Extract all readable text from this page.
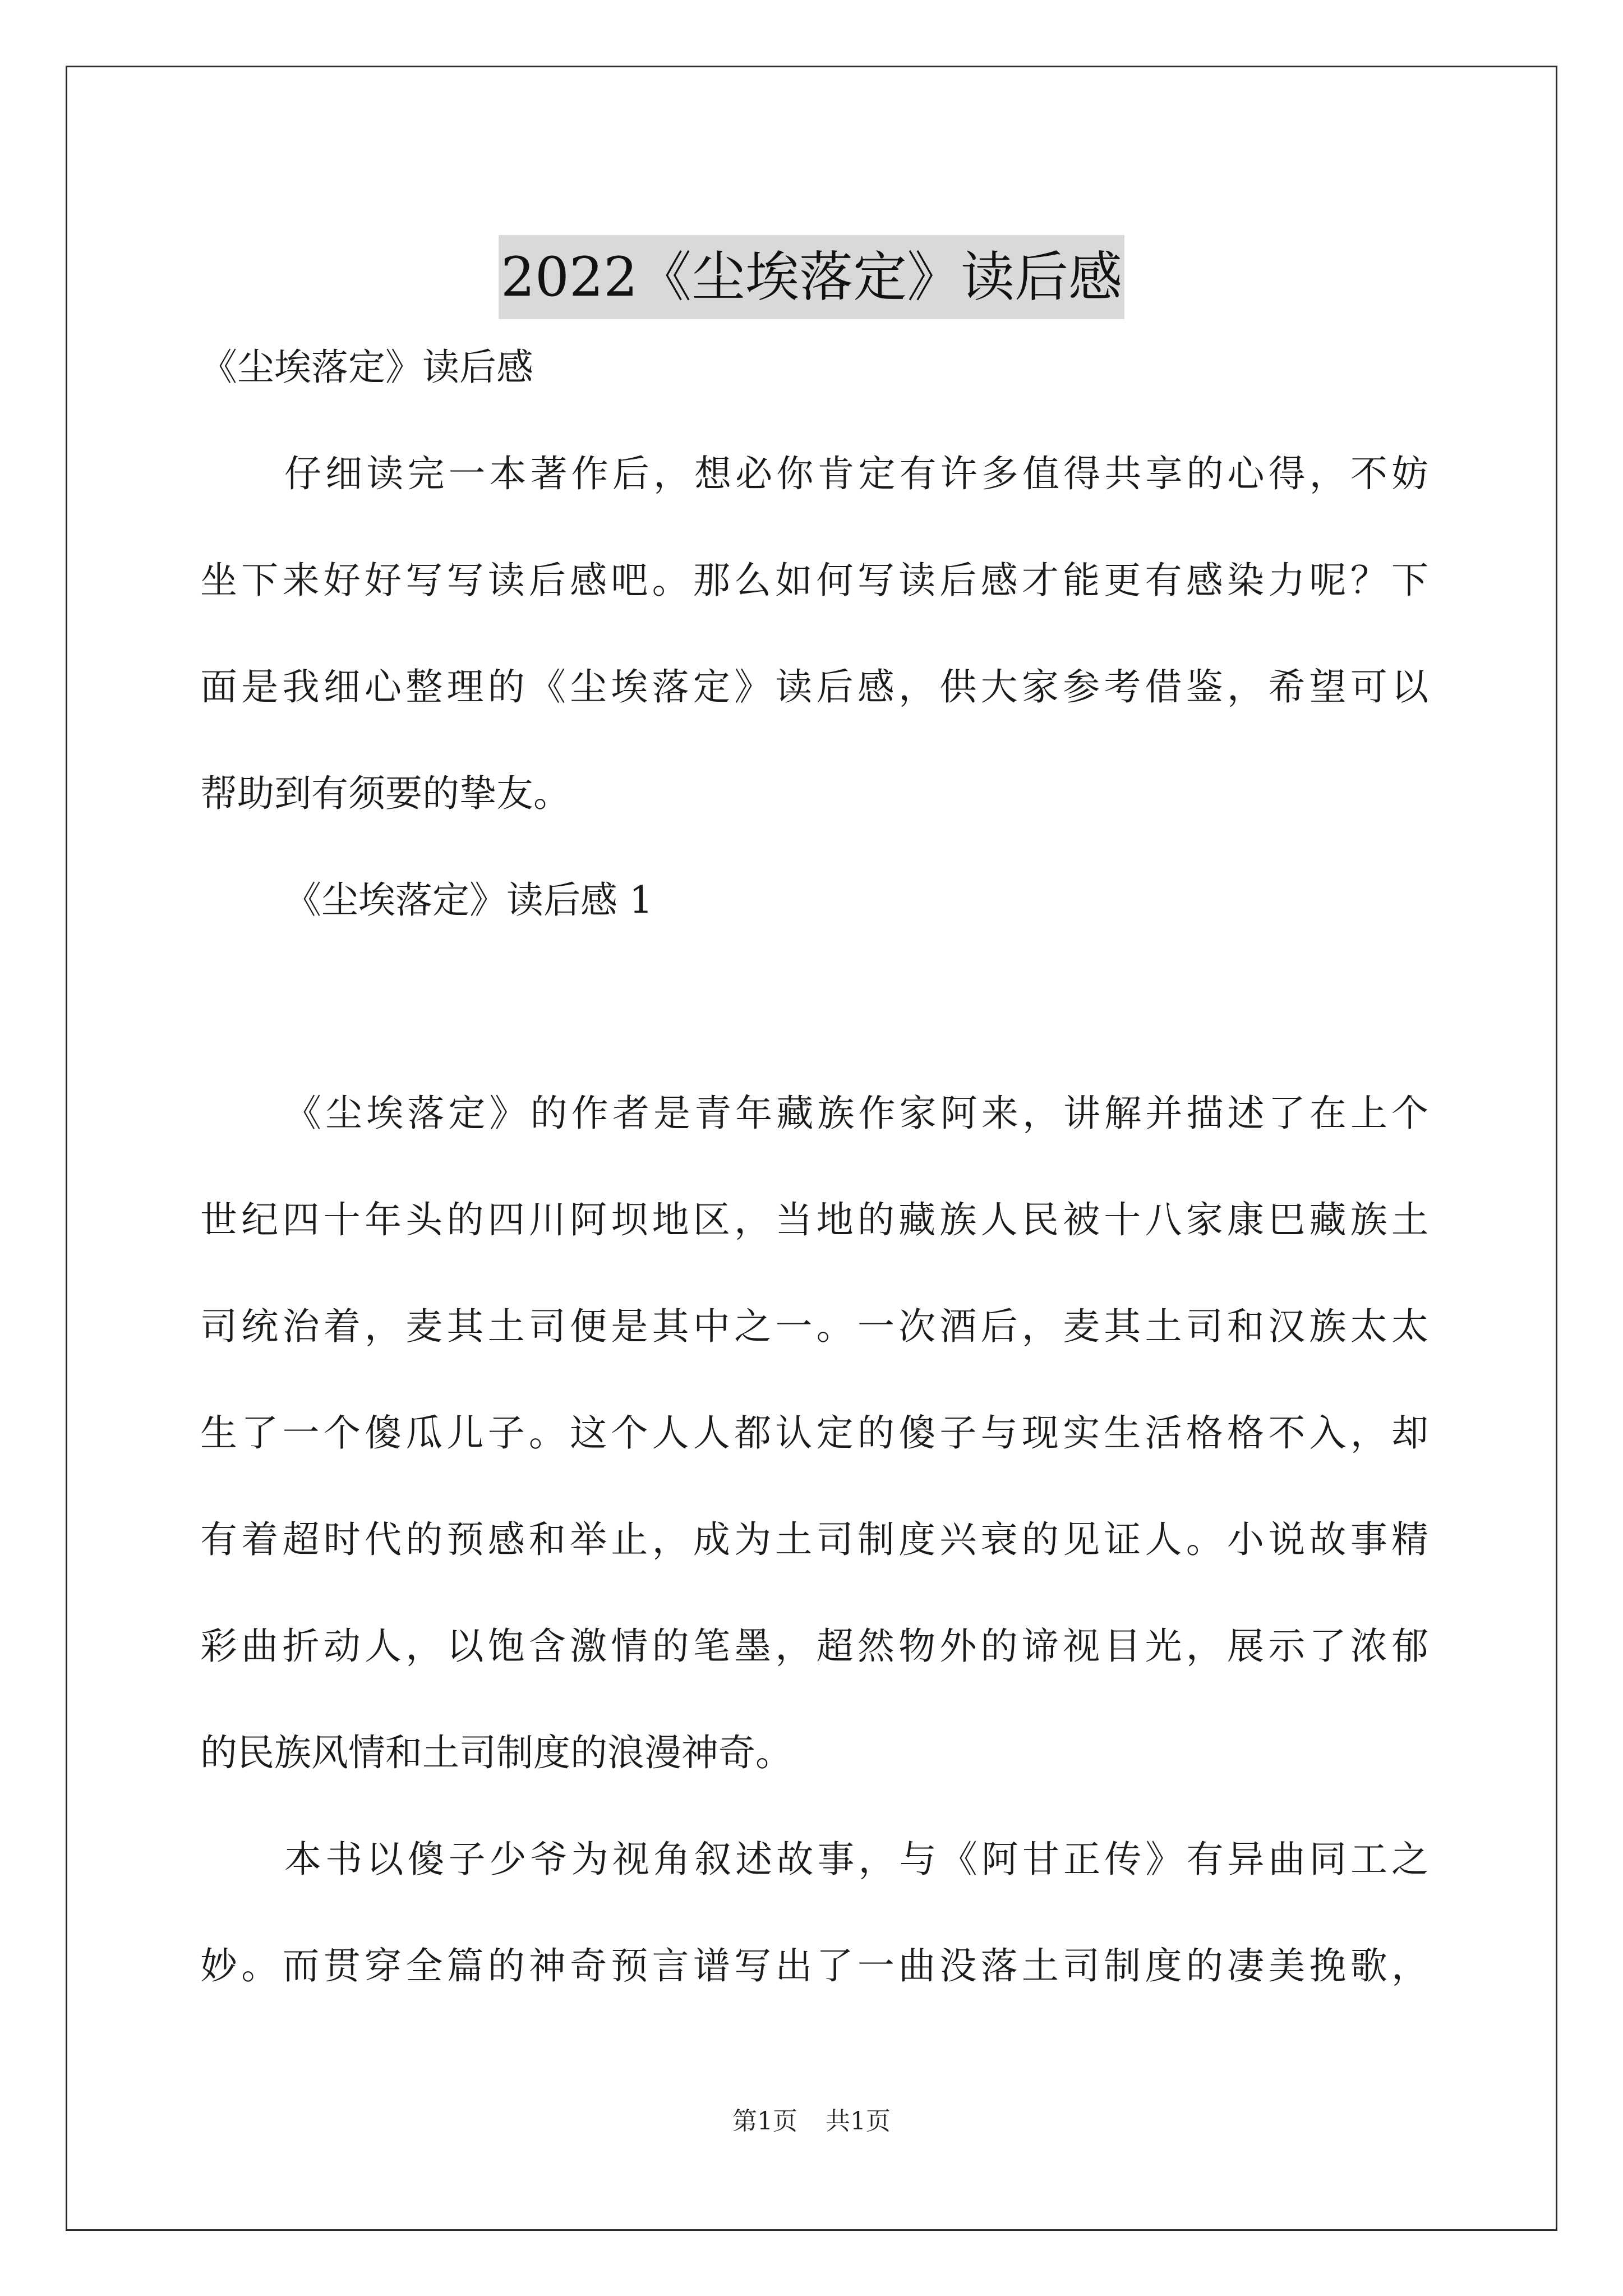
2022《尘埃落定》读后感
《尘埃落定》读后感
仔细读完一本著作后，想必你肯定有许多值得共享的心得，不妨
坐下来好好写写读后感吧。那么如何写读后感才能更有感染力呢？下
面是我细心整理的《尘埃落定》读后感，供大家参考借鉴，希望可以
帮助到有须要的挚友。
《尘埃落定》读后感 1
《尘埃落定》的作者是青年藏族作家阿来，讲解并描述了在上个
世纪四十年头的四川阿坝地区，当地的藏族人民被十八家康巴藏族土
司统治着，麦其土司便是其中之一。一次酒后，麦其土司和汉族太太
生了一个傻瓜儿子。这个人人都认定的傻子与现实生活格格不入，却
有着超时代的预感和举止，成为土司制度兴衰的见证人。小说故事精
彩曲折动人，以饱含激情的笔墨，超然物外的谛视目光，展示了浓郁
的民族风情和土司制度的浪漫神奇。
本书以傻子少爷为视角叙述故事，与《阿甘正传》有异曲同工之
妙。而贯穿全篇的神奇预言谱写出了一曲没落土司制度的凄美挽歌，
第1页 共1页
